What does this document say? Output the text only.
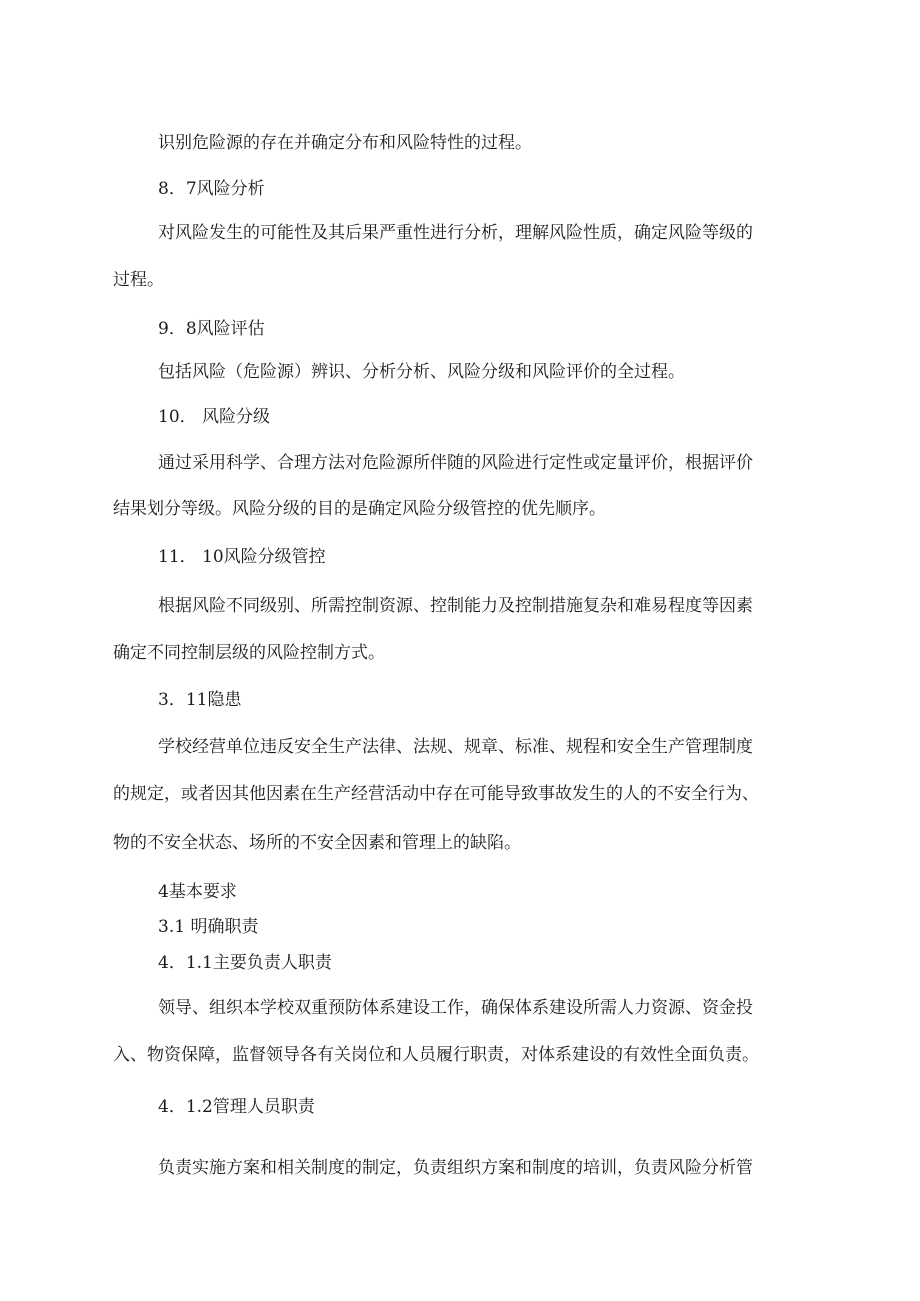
识别危险源的存在并确定分布和风险特性的过程。

8．7风险分析

对风险发生的可能性及其后果严重性进行分析，理解风险性质，确定风险等级的

过程。

9．8风险评估

包括风险（危险源）辨识、分析分析、风险分级和风险评价的全过程。

10． 风险分级

通过采用科学、合理方法对危险源所伴随的风险进行定性或定量评价，根据评价

结果划分等级。风险分级的目的是确定风险分级管控的优先顺序。

11． 10风险分级管控

根据风险不同级别、所需控制资源、控制能力及控制措施复杂和难易程度等因素

确定不同控制层级的风险控制方式。

3．11隐患

学校经营单位违反安全生产法律、法规、规章、标准、规程和安全生产管理制度

的规定，或者因其他因素在生产经营活动中存在可能导致事故发生的人的不安全行为、

物的不安全状态、场所的不安全因素和管理上的缺陷。

4基本要求

3.1 明确职责

4．1.1主要负责人职责

领导、组织本学校双重预防体系建设工作，确保体系建设所需人力资源、资金投

入、物资保障，监督领导各有关岗位和人员履行职责，对体系建设的有效性全面负责。

4．1.2管理人员职责

负责实施方案和相关制度的制定，负责组织方案和制度的培训，负责风险分析管
